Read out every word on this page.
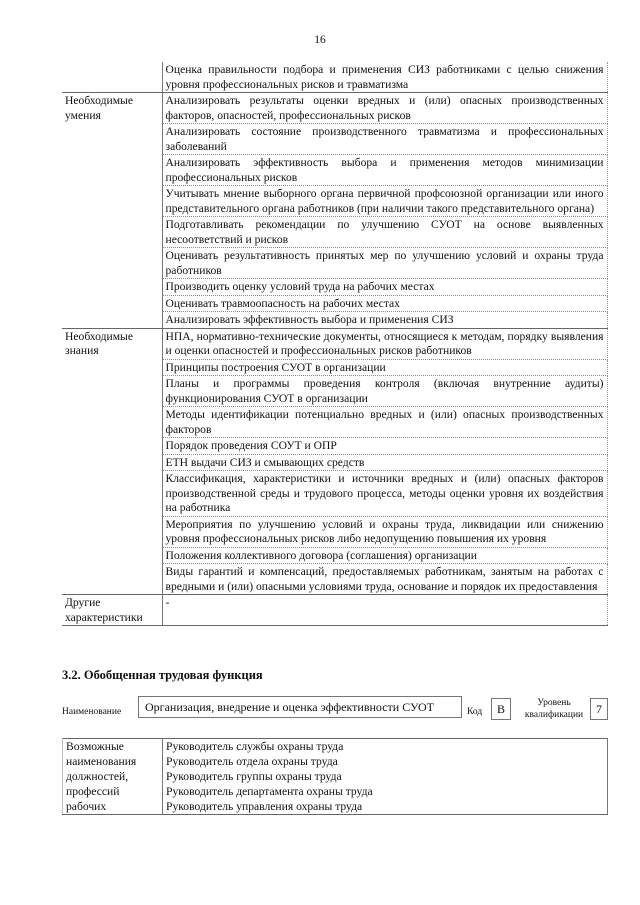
16
	Оценка правильности подбора и применения СИЗ работниками с целью снижения уровня профессиональных рисков и травматизма
Необходимые умения	Анализировать результаты оценки вредных и (или) опасных производственных факторов, опасностей, профессиональных рисков
	Анализировать состояние производственного травматизма и профессиональных заболеваний
	Анализировать эффективность выбора и применения методов минимизации профессиональных рисков
	Учитывать мнение выборного органа первичной профсоюзной организации или иного представительного органа работников (при наличии такого представительного органа)
	Подготавливать рекомендации по улучшению СУОТ на основе выявленных несоответствий и рисков
	Оценивать результативность принятых мер по улучшению условий и охраны труда работников
	Производить оценку условий труда на рабочих местах
	Оценивать травмоопасность на рабочих местах
	Анализировать эффективность выбора и применения СИЗ
Необходимые знания	НПА, нормативно-технические документы, относящиеся к методам, порядку выявления и оценки опасностей и профессиональных рисков работников
	Принципы построения СУОТ в организации
	Планы и программы проведения контроля (включая внутренние аудиты) функционирования СУОТ в организации
	Методы идентификации потенциально вредных и (или) опасных производственных факторов
	Порядок проведения СОУТ и ОПР
	ЕТН выдачи СИЗ и смывающих средств
	Классификация, характеристики и источники вредных и (или) опасных факторов производственной среды и трудового процесса, методы оценки уровня их воздействия на работника
	Мероприятия по улучшению условий и охраны труда, ликвидации или снижению уровня профессиональных рисков либо недопущению повышения их уровня
	Положения коллективного договора (соглашения) организации
	Виды гарантий и компенсаций, предоставляемых работникам, занятым на работах с вредными и (или) опасными условиями труда, основание и порядок их предоставления
Другие характеристики	-
3.2. Обобщенная трудовая функция
Наименование	Организация, внедрение и оценка эффективности СУОТ	Код	В	Уровень квалификации	7
Возможные наименования должностей, профессий рабочих	Руководитель службы охраны труда
Руководитель отдела охраны труда
Руководитель группы охраны труда
Руководитель департамента охраны труда
Руководитель управления охраны труда
